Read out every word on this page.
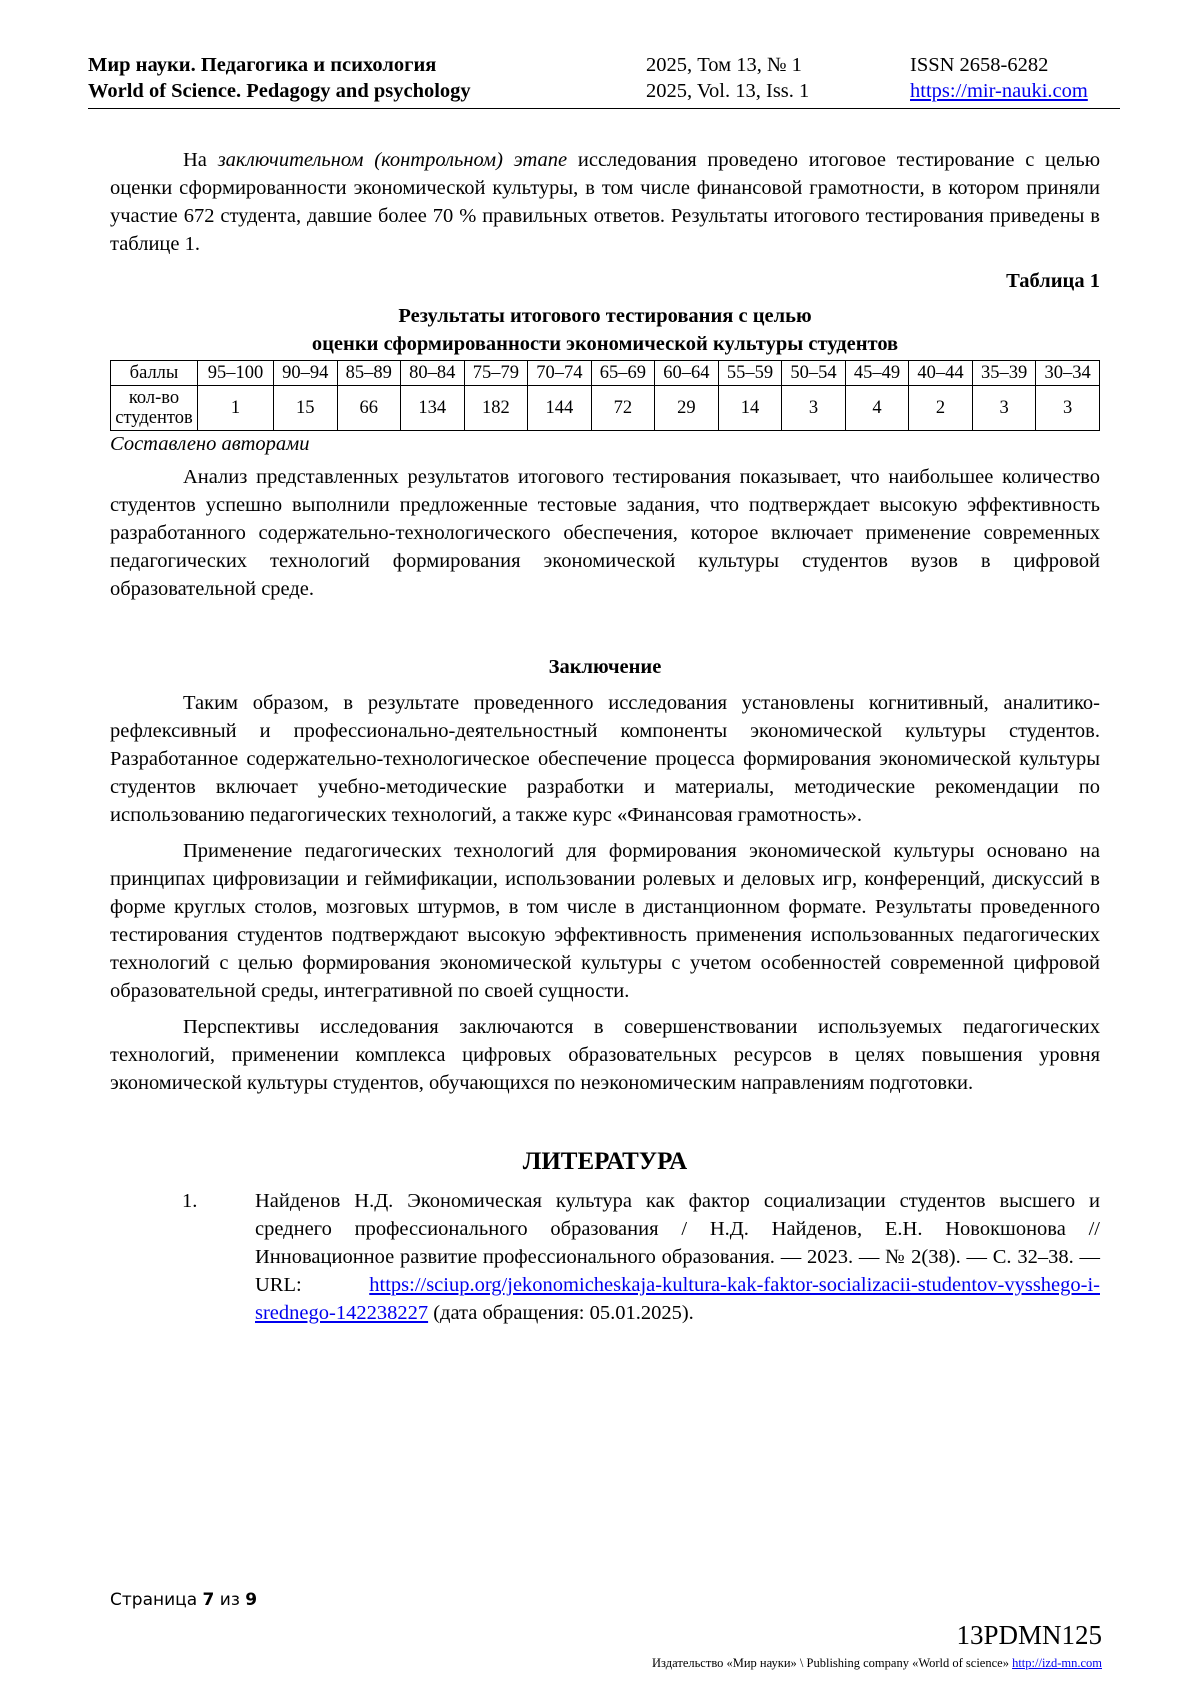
Мир науки. Педагогика и психология	2025, Том 13, № 1	ISSN 2658-6282
World of Science. Pedagogy and psychology	2025, Vol. 13, Iss. 1	https://mir-nauki.com

На заключительном (контрольном) этапе исследования проведено итоговое тестирование с целью оценки сформированности экономической культуры, в том числе финансовой грамотности, в котором приняли участие 672 студента, давшие более 70 % правильных ответов. Результаты итогового тестирования приведены в таблице 1.

Таблица 1
Результаты итогового тестирования с целью
оценки сформированности экономической культуры студентов
баллы	95–100	90–94	85–89	80–84	75–79	70–74	65–69	60–64	55–59	50–54	45–49	40–44	35–39	30–34
кол-во
студентов	1	15	66	134	182	144	72	29	14	3	4	2	3	3
Составлено авторами

Анализ представленных результатов итогового тестирования показывает, что наибольшее количество студентов успешно выполнили предложенные тестовые задания, что подтверждает высокую эффективность разработанного содержательно-технологического обеспечения, которое включает применение современных педагогических технологий формирования экономической культуры студентов вузов в цифровой образовательной среде.

Заключение

Таким образом, в результате проведенного исследования установлены когнитивный, аналитико-рефлексивный и профессионально-деятельностный компоненты экономической культуры студентов. Разработанное содержательно-технологическое обеспечение процесса формирования экономической культуры студентов включает учебно-методические разработки и материалы, методические рекомендации по использованию педагогических технологий, а также курс «Финансовая грамотность».

Применение педагогических технологий для формирования экономической культуры основано на принципах цифровизации и геймификации, использовании ролевых и деловых игр, конференций, дискуссий в форме круглых столов, мозговых штурмов, в том числе в дистанционном формате. Результаты проведенного тестирования студентов подтверждают высокую эффективность применения использованных педагогических технологий с целью формирования экономической культуры с учетом особенностей современной цифровой образовательной среды, интегративной по своей сущности.

Перспективы исследования заключаются в совершенствовании используемых педагогических технологий, применении комплекса цифровых образовательных ресурсов в целях повышения уровня экономической культуры студентов, обучающихся по неэкономическим направлениям подготовки.

ЛИТЕРАТУРА
1.	Найденов Н.Д. Экономическая культура как фактор социализации студентов высшего и среднего профессионального образования / Н.Д. Найденов, Е.Н. Новокшонова // Инновационное развитие профессионального образования. — 2023. — № 2(38). — С. 32–38. — URL: https://sciup.org/jekonomicheskaja-kultura-kak-faktor-socializacii-studentov-vysshego-i-srednego-142238227 (дата обращения: 05.01.2025).
Страница 7 из 9
13PDMN125
Издательство «Мир науки» \ Publishing company «World of science» http://izd-mn.com
